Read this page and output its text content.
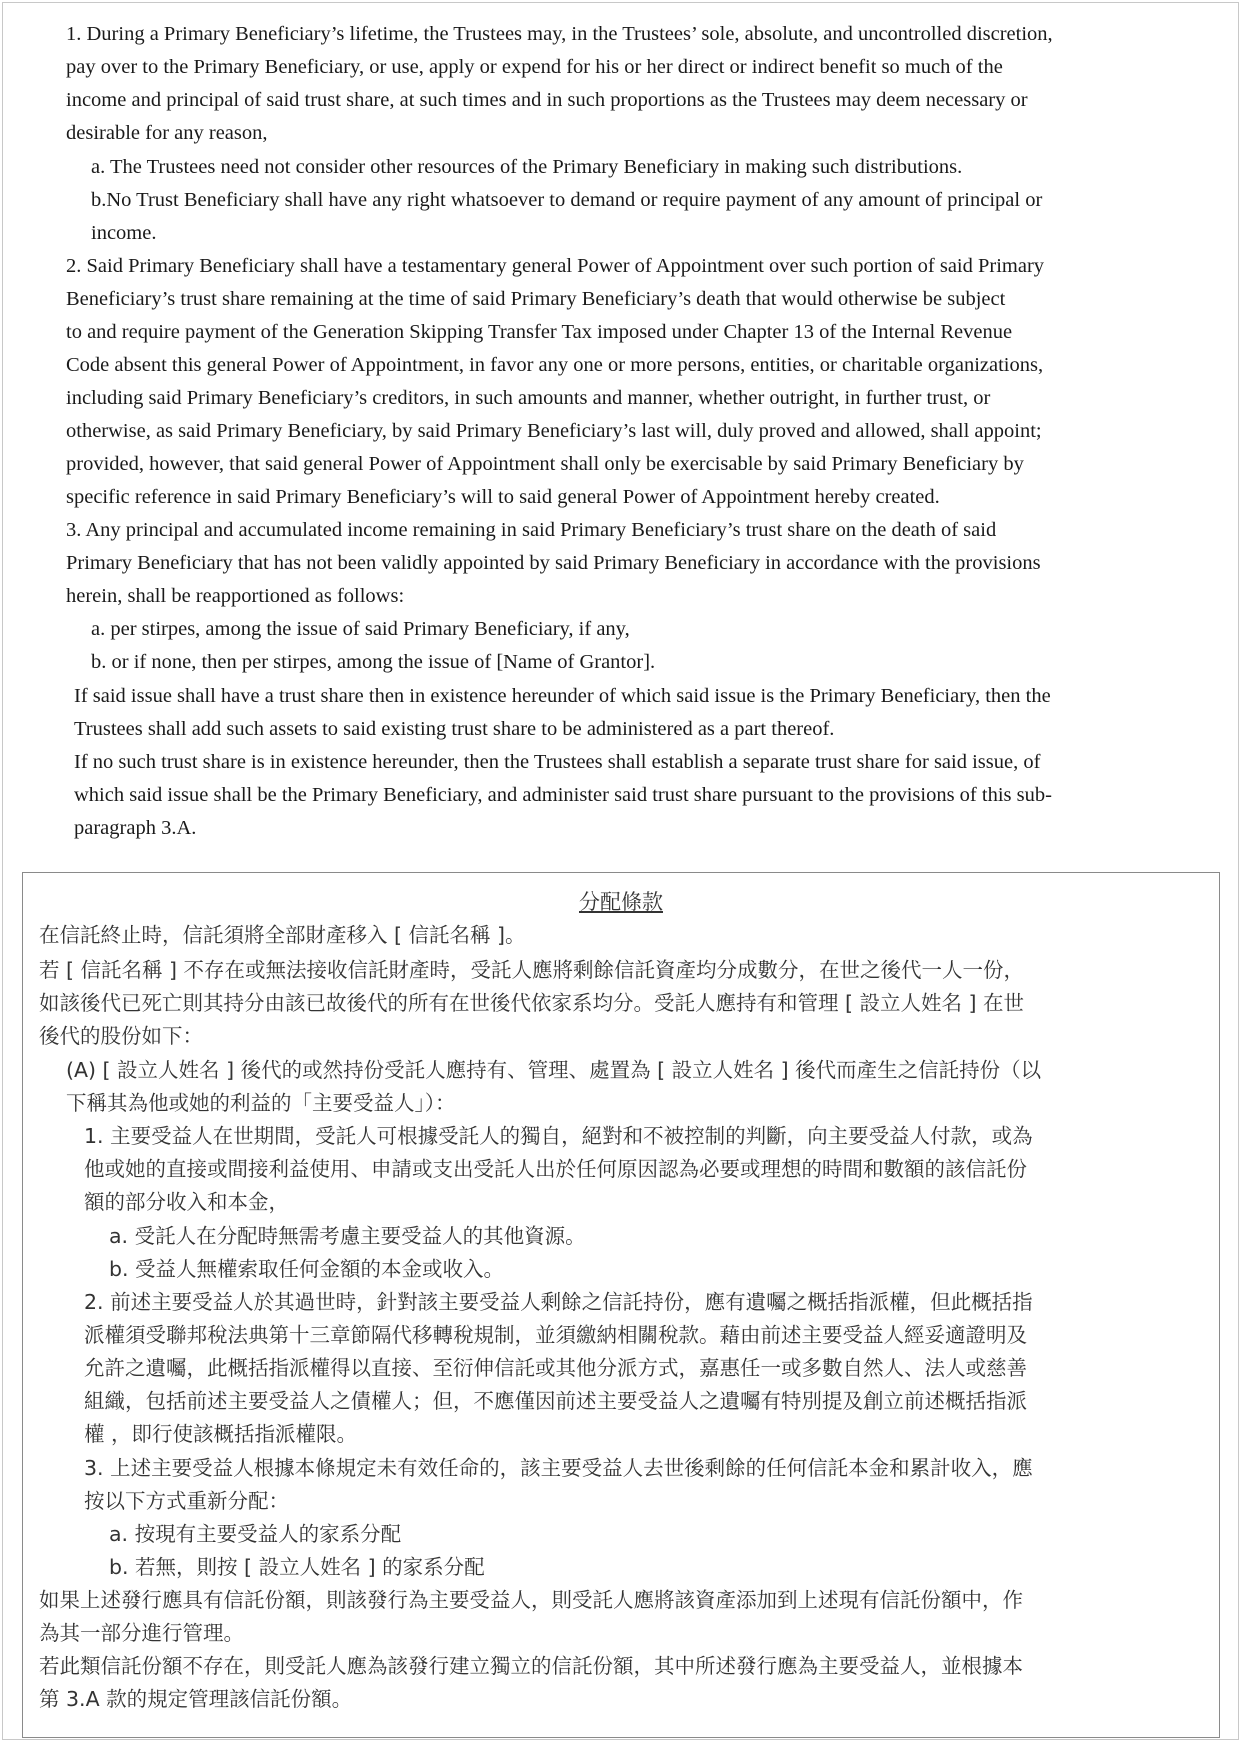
1. During a Primary Beneficiary’s lifetime, the Trustees may, in the Trustees’ sole, absolute, and uncontrolled discretion,
pay over to the Primary Beneficiary, or use, apply or expend for his or her direct or indirect benefit so much of the
income and principal of said trust share, at such times and in such proportions as the Trustees may deem necessary or
desirable for any reason,
a. The Trustees need not consider other resources of the Primary Beneficiary in making such distributions.
b.No Trust Beneficiary shall have any right whatsoever to demand or require payment of any amount of principal or
income.
2. Said Primary Beneficiary shall have a testamentary general Power of Appointment over such portion of said Primary
Beneficiary’s trust share remaining at the time of said Primary Beneficiary’s death that would otherwise be subject
to and require payment of the Generation Skipping Transfer Tax imposed under Chapter 13 of the Internal Revenue
Code absent this general Power of Appointment, in favor any one or more persons, entities, or charitable organizations,
including said Primary Beneficiary’s creditors, in such amounts and manner, whether outright, in further trust, or
otherwise, as said Primary Beneficiary, by said Primary Beneficiary’s last will, duly proved and allowed, shall appoint;
provided, however, that said general Power of Appointment shall only be exercisable by said Primary Beneficiary by
specific reference in said Primary Beneficiary’s will to said general Power of Appointment hereby created.
3. Any principal and accumulated income remaining in said Primary Beneficiary’s trust share on the death of said
Primary Beneficiary that has not been validly appointed by said Primary Beneficiary in accordance with the provisions
herein, shall be reapportioned as follows:
a. per stirpes, among the issue of said Primary Beneficiary, if any,
b. or if none, then per stirpes, among the issue of [Name of Grantor].
If said issue shall have a trust share then in existence hereunder of which said issue is the Primary Beneficiary, then the
Trustees shall add such assets to said existing trust share to be administered as a part thereof.
If no such trust share is in existence hereunder, then the Trustees shall establish a separate trust share for said issue, of
which said issue shall be the Primary Beneficiary, and administer said trust share pursuant to the provisions of this sub-
paragraph 3.A.
分配條款
在信託終止時，信託須將全部財產移入 [ 信託名稱 ]。
若 [ 信託名稱 ] 不存在或無法接收信託財產時，受託人應將剩餘信託資產均分成數分，在世之後代一人一份，
如該後代已死亡則其持分由該已故後代的所有在世後代依家系均分。受託人應持有和管理 [ 設立人姓名 ] 在世
後代的股份如下：
(A) [ 設立人姓名 ] 後代的或然持份受託人應持有、管理、處置為 [ 設立人姓名 ] 後代而產生之信託持份（以
下稱其為他或她的利益的「主要受益人」）：
1. 主要受益人在世期間，受託人可根據受託人的獨自，絕對和不被控制的判斷，向主要受益人付款，或為
他或她的直接或間接利益使用、申請或支出受託人出於任何原因認為必要或理想的時間和數額的該信託份
額的部分收入和本金，
a. 受託人在分配時無需考慮主要受益人的其他資源。
b. 受益人無權索取任何金額的本金或收入。
2. 前述主要受益人於其過世時，針對該主要受益人剩餘之信託持份，應有遺囑之概括指派權，但此概括指
派權須受聯邦稅法典第十三章節隔代移轉稅規制，並須繳納相關稅款。藉由前述主要受益人經妥適證明及
允許之遺囑，此概括指派權得以直接、至衍伸信託或其他分派方式，嘉惠任一或多數自然人、法人或慈善
組織，包括前述主要受益人之債權人；但，不應僅因前述主要受益人之遺囑有特別提及創立前述概括指派
權 ，即行使該概括指派權限。
3. 上述主要受益人根據本條規定未有效任命的，該主要受益人去世後剩餘的任何信託本金和累計收入，應
按以下方式重新分配：
a. 按現有主要受益人的家系分配
b. 若無，則按 [ 設立人姓名 ] 的家系分配
如果上述發行應具有信託份額，則該發行為主要受益人，則受託人應將該資產添加到上述現有信託份額中，作
為其一部分進行管理。
若此類信託份額不存在，則受託人應為該發行建立獨立的信託份額，其中所述發行應為主要受益人，並根據本
第 3.A 款的規定管理該信託份額。
